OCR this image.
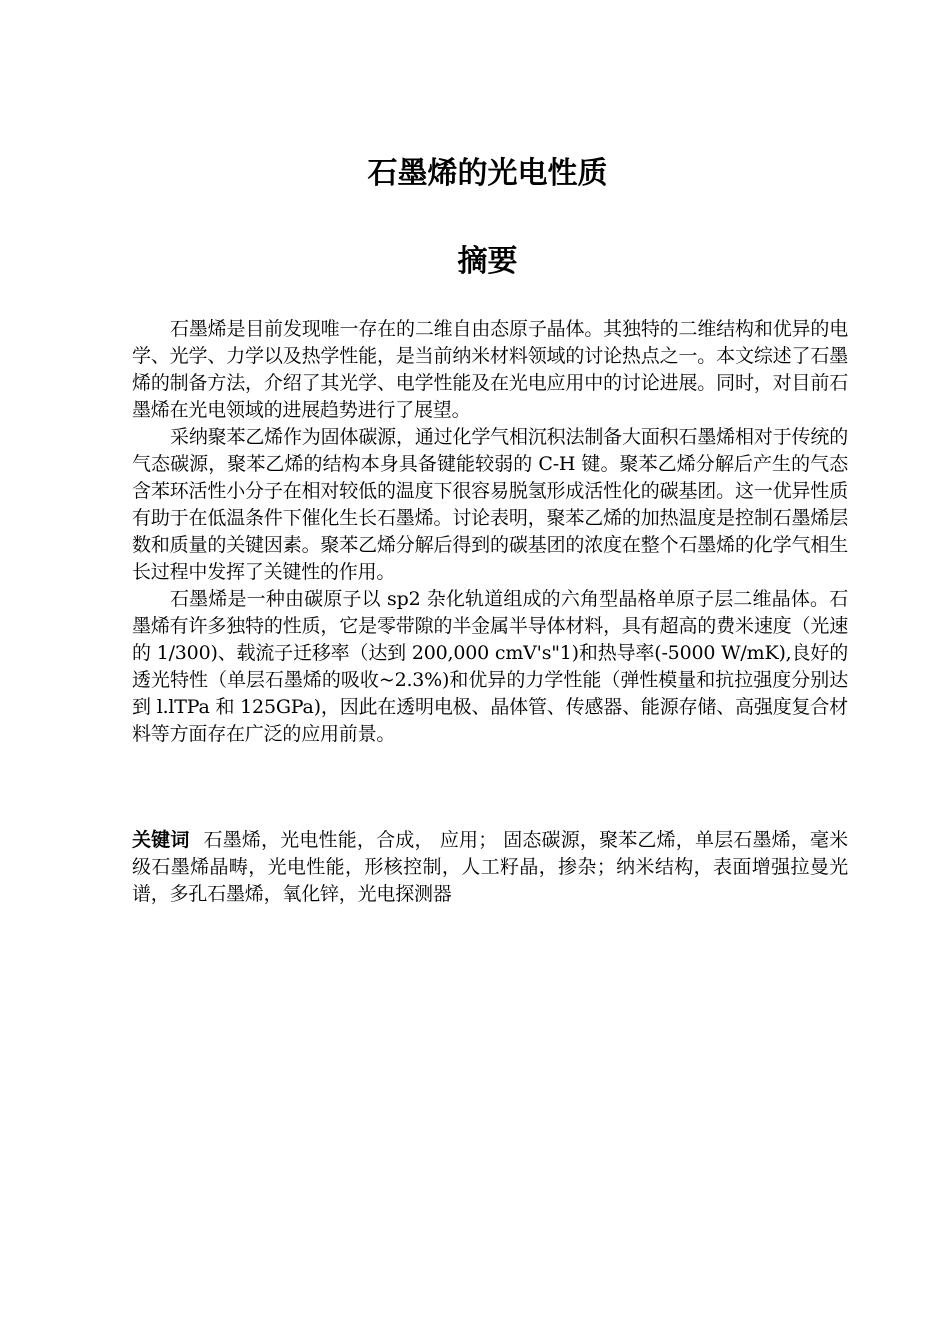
石墨烯的光电性质
摘要

石墨烯是目前发现唯一存在的二维自由态原子晶体。其独特的二维结构和优异的电学、光学、力学以及热学性能，是当前纳米材料领域的讨论热点之一。本文综述了石墨烯的制备方法，介绍了其光学、电学性能及在光电应用中的讨论进展。同时，对目前石墨烯在光电领域的进展趋势进行了展望。

采纳聚苯乙烯作为固体碳源，通过化学气相沉积法制备大面积石墨烯相对于传统的气态碳源，聚苯乙烯的结构本身具备键能较弱的 C-H 键。聚苯乙烯分解后产生的气态含苯环活性小分子在相对较低的温度下很容易脱氢形成活性化的碳基团。这一优异性质有助于在低温条件下催化生长石墨烯。讨论表明，聚苯乙烯的加热温度是控制石墨烯层数和质量的关键因素。聚苯乙烯分解后得到的碳基团的浓度在整个石墨烯的化学气相生长过程中发挥了关键性的作用。

石墨烯是一种由碳原子以 sp2 杂化轨道组成的六角型晶格单原子层二维晶体。石墨烯有许多独特的性质，它是零带隙的半金属半导体材料，具有超高的费米速度（光速的 1/300)、载流子迁移率（达到 200,000 cmV's"1)和热导率(-5000 W/mK),良好的透光特性（单层石墨烯的吸收~2.3%)和优异的力学性能（弹性模量和抗拉强度分别达到 l.lTPa 和 125GPa)，因此在透明电极、晶体管、传感器、能源存储、高强度复合材料等方面存在广泛的应用前景。

关键词 石墨烯，光电性能，合成， 应用； 固态碳源，聚苯乙烯，单层石墨烯，毫米级石墨烯晶畴，光电性能，形核控制，人工籽晶，掺杂；纳米结构，表面增强拉曼光谱，多孔石墨烯，氧化锌，光电探测器
